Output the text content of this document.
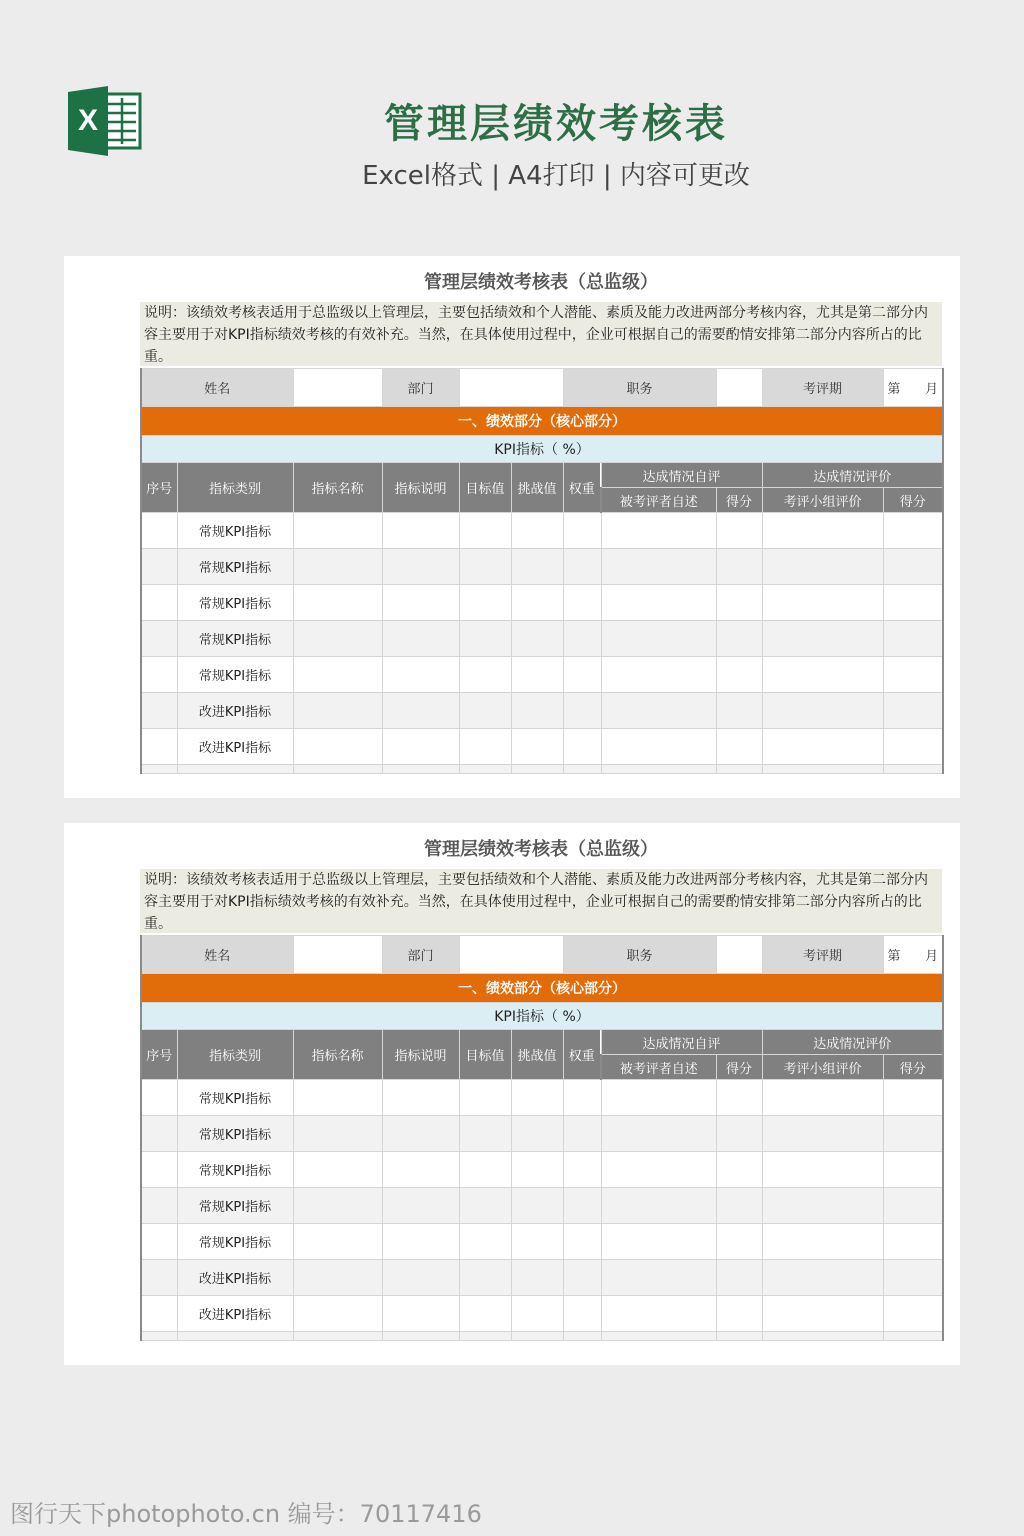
X	管理层绩效考核表
Excel格式 | A4打印 | 内容可更改
管理层绩效考核表（总监级）
说明：该绩效考核表适用于总监级以上管理层，主要包括绩效和个人潜能、素质及能力改进两部分考核内容，尤其是第二部分内容主要用于对KPI指标绩效考核的有效补充。当然，在具体使用过程中，企业可根据自己的需要酌情安排第二部分内容所占的比重。
姓名			部门			职务			考评期	第 月
一、绩效部分（核心部分）										
KPI指标（ %）										
序号	指标类别	指标名称	指标说明	目标值	挑战值	权重	达成情况自评		达成情况评价	
							被考评者自述	得分	考评小组评价	得分
	常规KPI指标									
	常规KPI指标									
	常规KPI指标									
	常规KPI指标									
	常规KPI指标									
	改进KPI指标									
	改进KPI指标									

管理层绩效考核表（总监级）
说明：该绩效考核表适用于总监级以上管理层，主要包括绩效和个人潜能、素质及能力改进两部分考核内容，尤其是第二部分内容主要用于对KPI指标绩效考核的有效补充。当然，在具体使用过程中，企业可根据自己的需要酌情安排第二部分内容所占的比重。
姓名			部门			职务			考评期	第 月
一、绩效部分（核心部分）										
KPI指标（ %）										
序号	指标类别	指标名称	指标说明	目标值	挑战值	权重	达成情况自评		达成情况评价	
							被考评者自述	得分	考评小组评价	得分
	常规KPI指标									
	常规KPI指标									
	常规KPI指标									
	常规KPI指标									
	常规KPI指标									
	改进KPI指标									
	改进KPI指标									

图行天下photophoto.cn 编号：70117416
